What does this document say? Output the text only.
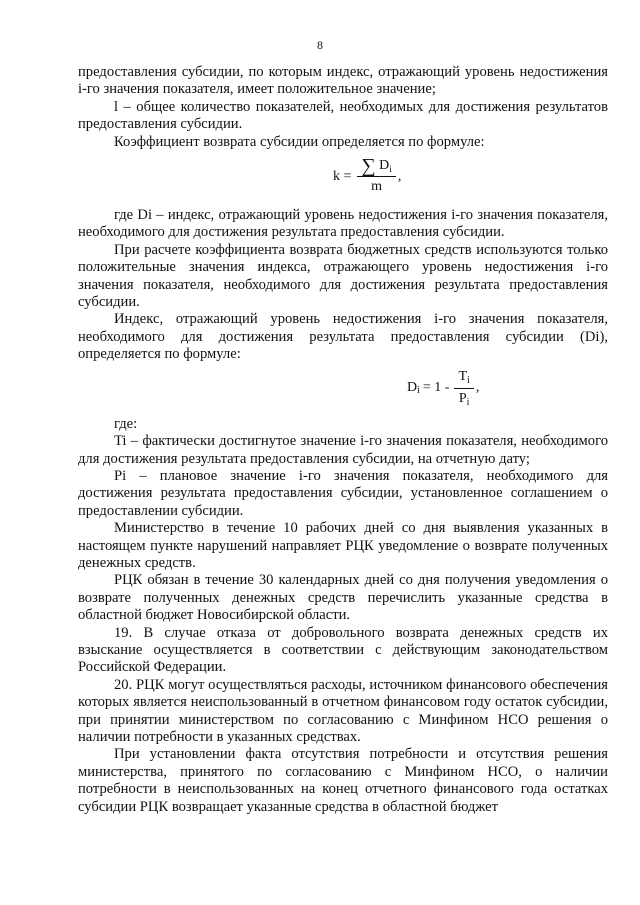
8

предоставления субсидии, по которым индекс, отражающий уровень недостижения i-го значения показателя, имеет положительное значение;

l – общее количество показателей, необходимых для достижения результатов предоставления субсидии.

Коэффициент возврата субсидии определяется по формуле:

$k = \frac{\sum D_i}{m}$ ,

где Di – индекс, отражающий уровень недостижения i-го значения показателя, необходимого для достижения результата предоставления субсидии.

При расчете коэффициента возврата бюджетных средств используются только положительные значения индекса, отражающего уровень недостижения i-го значения показателя, необходимого для достижения результата предоставления субсидии.

Индекс, отражающий уровень недостижения i-го значения показателя, необходимого для достижения результата предоставления субсидии (Di), определяется по формуле:

D $i = 1 - \frac{T_i}{P_i}$ ,

где:

Ti – фактически достигнутое значение i-го значения показателя, необходимого для достижения результата предоставления субсидии, на отчетную дату;

Pi – плановое значение i-го значения показателя, необходимого для достижения результата предоставления субсидии, установленное соглашением о предоставлении субсидии.

Министерство в течение 10 рабочих дней со дня выявления указанных в настоящем пункте нарушений направляет РЦК уведомление о возврате полученных денежных средств.

РЦК обязан в течение 30 календарных дней со дня получения уведомления о возврате полученных денежных средств перечислить указанные средства в областной бюджет Новосибирской области.

19. В случае отказа от добровольного возврата денежных средств их взыскание осуществляется в соответствии с действующим законодательством Российской Федерации.

20. РЦК могут осуществляться расходы, источником финансового обеспечения которых является неиспользованный в отчетном финансовом году остаток субсидии, при принятии министерством по согласованию с Минфином НСО решения о наличии потребности в указанных средствах.

При установлении факта отсутствия потребности и отсутствия решения министерства, принятого по согласованию с Минфином НСО, о наличии потребности в неиспользованных на конец отчетного финансового года остатках субсидии РЦК возвращает указанные средства в областной бюджет
